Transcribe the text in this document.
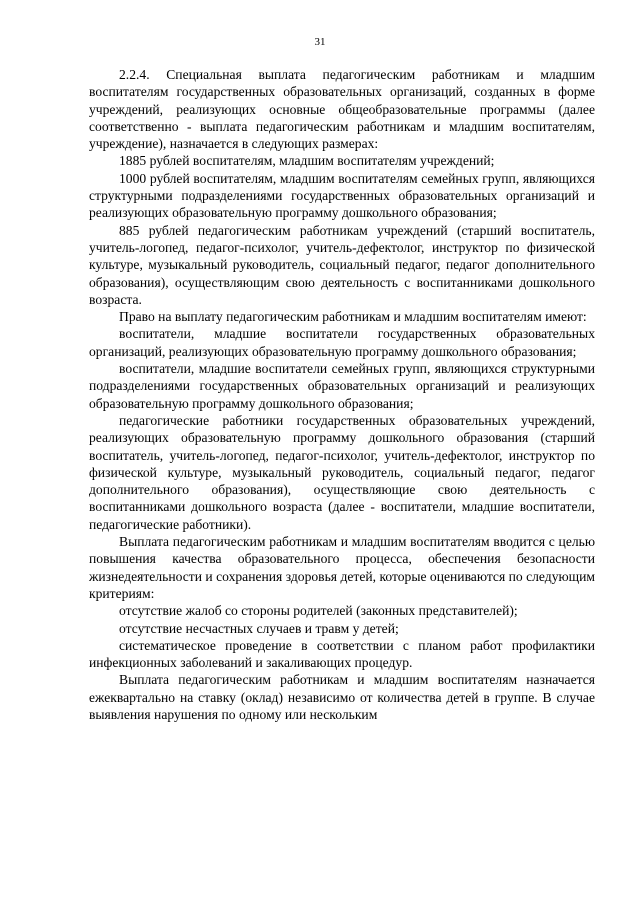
31

2.2.4. Специальная выплата педагогическим работникам и младшим воспитателям государственных образовательных организаций, созданных в форме учреждений, реализующих основные общеобразовательные программы (далее соответственно - выплата педагогическим работникам и младшим воспитателям, учреждение), назначается в следующих размерах:

1885 рублей воспитателям, младшим воспитателям учреждений;

1000 рублей воспитателям, младшим воспитателям семейных групп, являющихся структурными подразделениями государственных образовательных организаций и реализующих образовательную программу дошкольного образования;

885 рублей педагогическим работникам учреждений (старший воспитатель, учитель-логопед, педагог-психолог, учитель-дефектолог, инструктор по физической культуре, музыкальный руководитель, социальный педагог, педагог дополнительного образования), осуществляющим свою деятельность с воспитанниками дошкольного возраста.

Право на выплату педагогическим работникам и младшим воспитателям имеют:

воспитатели, младшие воспитатели государственных образовательных организаций, реализующих образовательную программу дошкольного образования;

воспитатели, младшие воспитатели семейных групп, являющихся структурными подразделениями государственных образовательных организаций и реализующих образовательную программу дошкольного образования;

педагогические работники государственных образовательных учреждений, реализующих образовательную программу дошкольного образования (старший воспитатель, учитель-логопед, педагог-психолог, учитель-дефектолог, инструктор по физической культуре, музыкальный руководитель, социальный педагог, педагог дополнительного образования), осуществляющие свою деятельность с воспитанниками дошкольного возраста (далее - воспитатели, младшие воспитатели, педагогические работники).

Выплата педагогическим работникам и младшим воспитателям вводится с целью повышения качества образовательного процесса, обеспечения безопасности жизнедеятельности и сохранения здоровья детей, которые оцениваются по следующим критериям:

отсутствие жалоб со стороны родителей (законных представителей);

отсутствие несчастных случаев и травм у детей;

систематическое проведение в соответствии с планом работ профилактики инфекционных заболеваний и закаливающих процедур.

Выплата педагогическим работникам и младшим воспитателям назначается ежеквартально на ставку (оклад) независимо от количества детей в группе. В случае выявления нарушения по одному или нескольким
